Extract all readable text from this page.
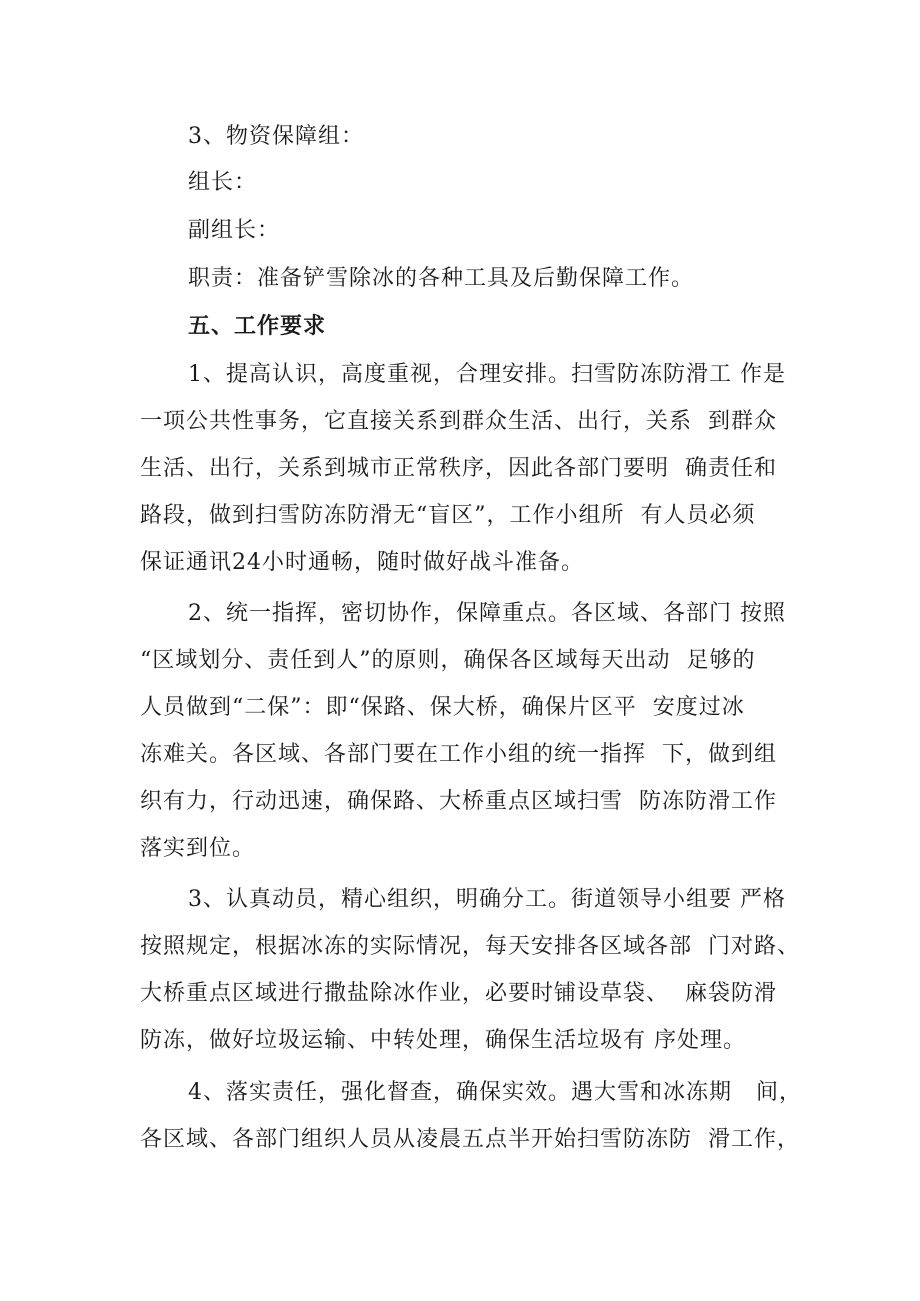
3、物资保障组：
组长：
副组长：
职责：准备铲雪除冰的各种工具及后勤保障工作。
五、工作要求
1、提高认识，高度重视，合理安排。扫雪防冻防滑工 作是
一项公共性事务，它直接关系到群众生活、出行，关系  到群众
生活、出行，关系到城市正常秩序，因此各部门要明  确责任和
路段，做到扫雪防冻防滑无“盲区”，工作小组所  有人员必须
保证通讯24小时通畅，随时做好战斗准备。
2、统一指挥，密切协作，保障重点。各区域、各部门 按照
“区域划分、责任到人”的原则，确保各区域每天出动  足够的
人员做到“二保”：即“保路、保大桥，确保片区平  安度过冰
冻难关。各区域、各部门要在工作小组的统一指挥  下，做到组
织有力，行动迅速，确保路、大桥重点区域扫雪  防冻防滑工作
落实到位。
3、认真动员，精心组织，明确分工。街道领导小组要 严格
按照规定，根据冰冻的实际情况，每天安排各区域各部  门对路、
大桥重点区域进行撒盐除冰作业，必要时铺设草袋、  麻袋防滑
防冻，做好垃圾运输、中转处理，确保生活垃圾有 序处理。
4、落实责任，强化督查，确保实效。遇大雪和冰冻期   间，
各区域、各部门组织人员从凌晨五点半开始扫雪防冻防  滑工作，
